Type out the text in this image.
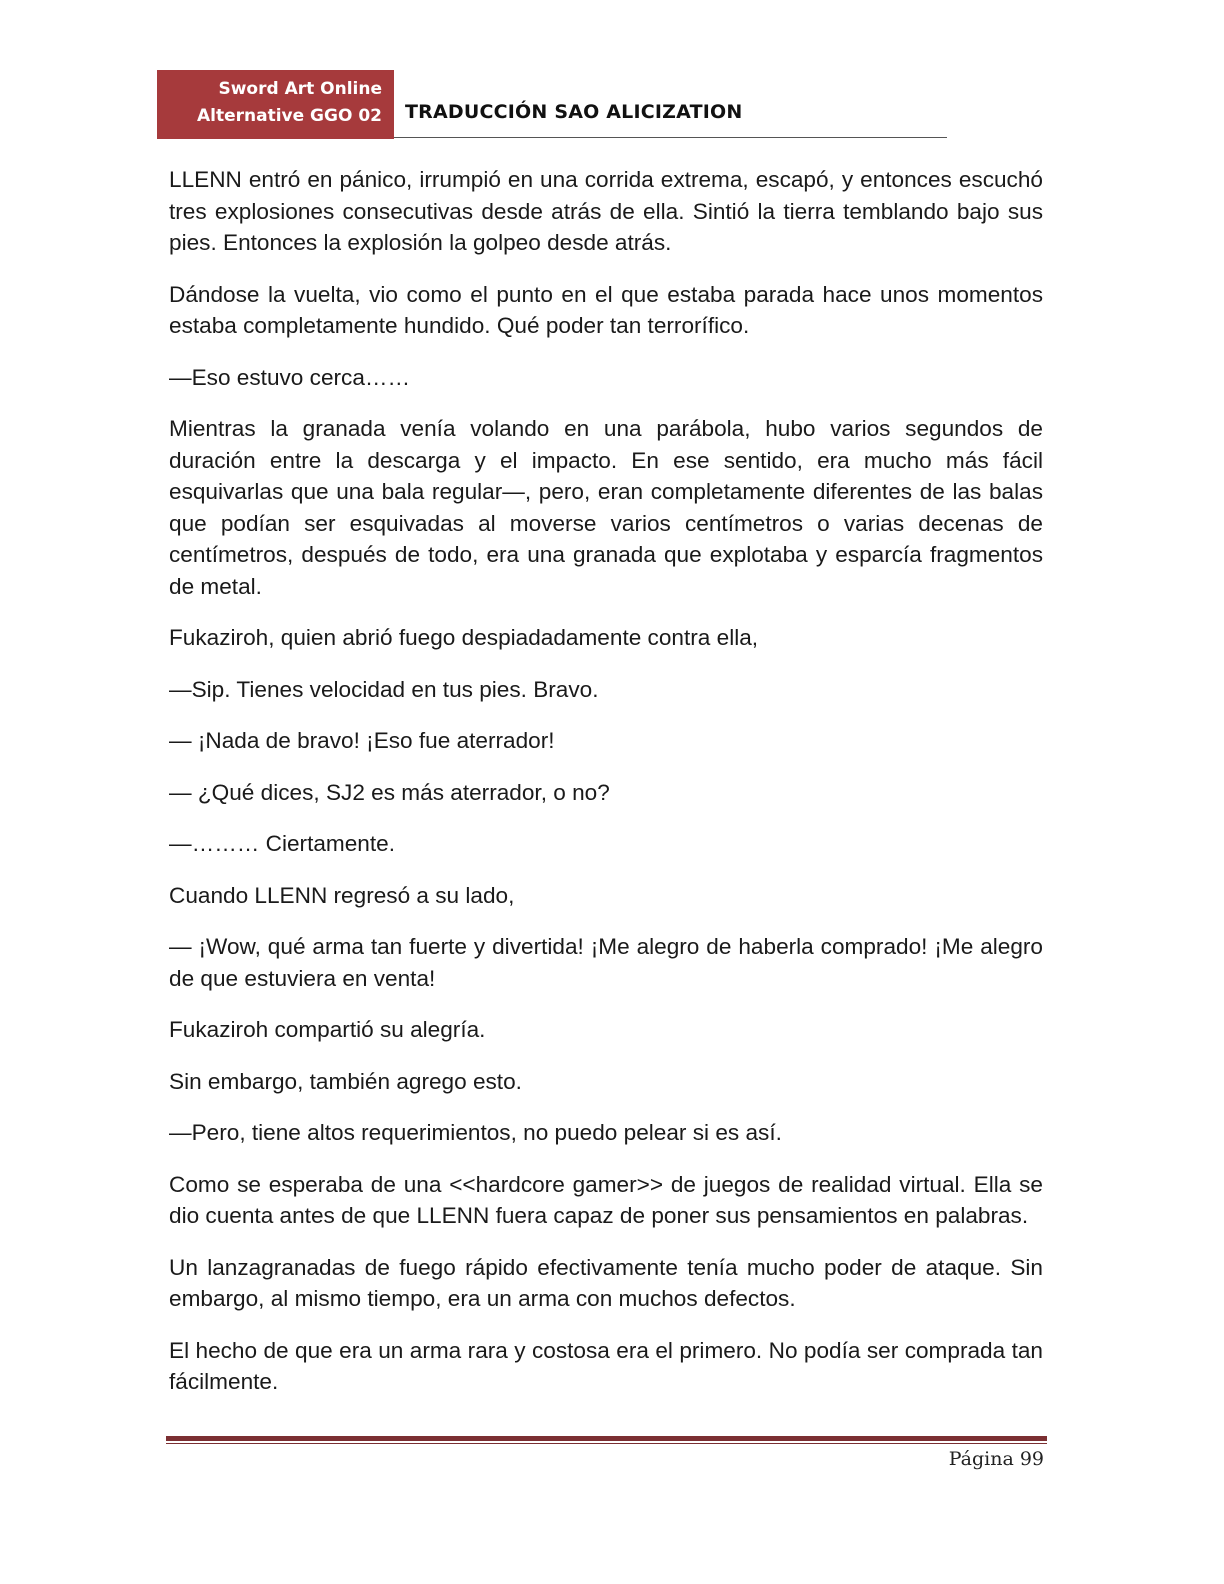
Sword Art Online
Alternative GGO 02 TRADUCCIÓN SAO ALICIZATION

LLENN entró en pánico, irrumpió en una corrida extrema, escapó, y entonces escuchó tres explosiones consecutivas desde atrás de ella. Sintió la tierra temblando bajo sus pies. Entonces la explosión la golpeo desde atrás.

Dándose la vuelta, vio como el punto en el que estaba parada hace unos momentos estaba completamente hundido. Qué poder tan terrorífico.

—Eso estuvo cerca……

Mientras la granada venía volando en una parábola, hubo varios segundos de duración entre la descarga y el impacto. En ese sentido, era mucho más fácil esquivarlas que una bala regular—, pero, eran completamente diferentes de las balas que podían ser esquivadas al moverse varios centímetros o varias decenas de centímetros, después de todo, era una granada que explotaba y esparcía fragmentos de metal.

Fukaziroh, quien abrió fuego despiadadamente contra ella,

—Sip. Tienes velocidad en tus pies. Bravo.

— ¡Nada de bravo! ¡Eso fue aterrador!

— ¿Qué dices, SJ2 es más aterrador, o no?

—……… Ciertamente.

Cuando LLENN regresó a su lado,

— ¡Wow, qué arma tan fuerte y divertida! ¡Me alegro de haberla comprado! ¡Me alegro de que estuviera en venta!

Fukaziroh compartió su alegría.

Sin embargo, también agrego esto.

—Pero, tiene altos requerimientos, no puedo pelear si es así.

Como se esperaba de una <<hardcore gamer>> de juegos de realidad virtual. Ella se dio cuenta antes de que LLENN fuera capaz de poner sus pensamientos en palabras.

Un lanzagranadas de fuego rápido efectivamente tenía mucho poder de ataque. Sin embargo, al mismo tiempo, era un arma con muchos defectos.

El hecho de que era un arma rara y costosa era el primero. No podía ser comprada tan fácilmente.

Página 99
